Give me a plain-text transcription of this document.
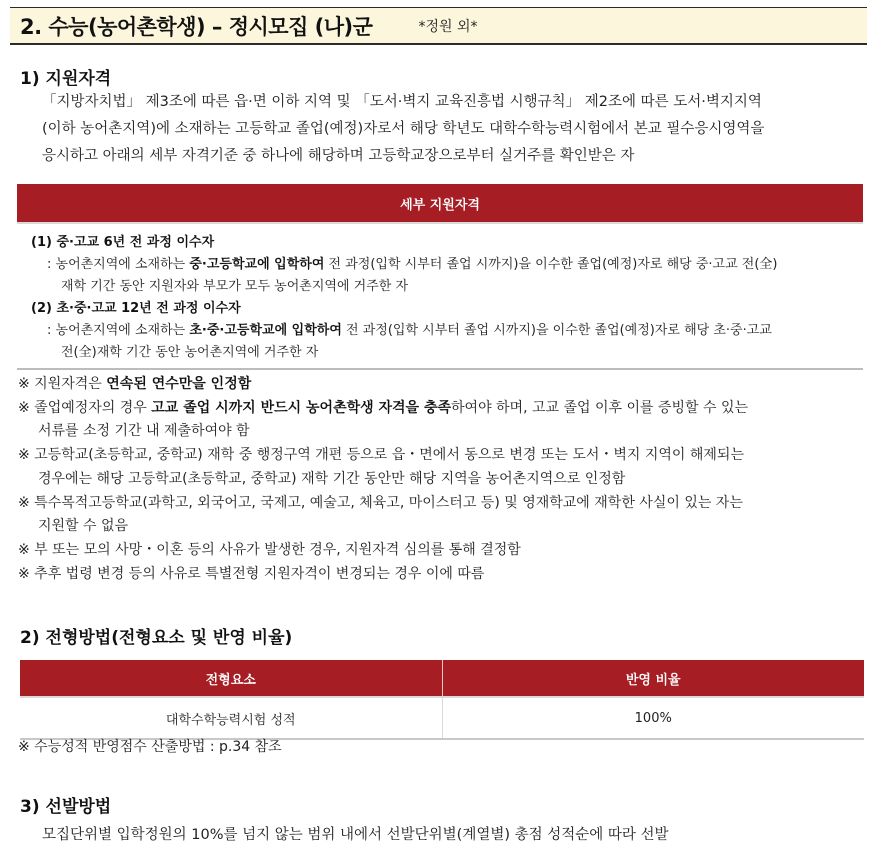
2. 수능(농어촌학생) – 정시모집 (나)군	*정원 외*
1) 지원자격
「지방자치법」 제3조에 따른 읍·면 이하 지역 및 「도서·벽지 교육진흥법 시행규칙」 제2조에 따른 도서·벽지지역
(이하 농어촌지역)에 소재하는 고등학교 졸업(예정)자로서 해당 학년도 대학수학능력시험에서 본교 필수응시영역을
응시하고 아래의 세부 자격기준 중 하나에 해당하며 고등학교장으로부터 실거주를 확인받은 자
세부 지원자격
(1) 중·고교 6년 전 과정 이수자
: 농어촌지역에 소재하는 중·고등학교에 입학하여 전 과정(입학 시부터 졸업 시까지)을 이수한 졸업(예정)자로 해당 중·고교 전(全)
재학 기간 동안 지원자와 부모가 모두 농어촌지역에 거주한 자
(2) 초·중·고교 12년 전 과정 이수자
: 농어촌지역에 소재하는 초·중·고등학교에 입학하여 전 과정(입학 시부터 졸업 시까지)을 이수한 졸업(예정)자로 해당 초·중·고교
전(全)재학 기간 동안 농어촌지역에 거주한 자
※ 지원자격은 연속된 연수만을 인정함
※ 졸업예정자의 경우 고교 졸업 시까지 반드시 농어촌학생 자격을 충족하여야 하며, 고교 졸업 이후 이를 증빙할 수 있는
서류를 소정 기간 내 제출하여야 함
※ 고등학교(초등학교, 중학교) 재학 중 행정구역 개편 등으로 읍・면에서 동으로 변경 또는 도서・벽지 지역이 해제되는
경우에는 해당 고등학교(초등학교, 중학교) 재학 기간 동안만 해당 지역을 농어촌지역으로 인정함
※ 특수목적고등학교(과학고, 외국어고, 국제고, 예술고, 체육고, 마이스터고 등) 및 영재학교에 재학한 사실이 있는 자는
지원할 수 없음
※ 부 또는 모의 사망・이혼 등의 사유가 발생한 경우, 지원자격 심의를 통해 결정함
※ 추후 법령 변경 등의 사유로 특별전형 지원자격이 변경되는 경우 이에 따름
2) 전형방법(전형요소 및 반영 비율)
전형요소	반영 비율
대학수학능력시험 성적	100%
※ 수능성적 반영점수 산출방법 : p.34 참조
3) 선발방법
모집단위별 입학정원의 10%를 넘지 않는 범위 내에서 선발단위별(계열별) 총점 성적순에 따라 선발
